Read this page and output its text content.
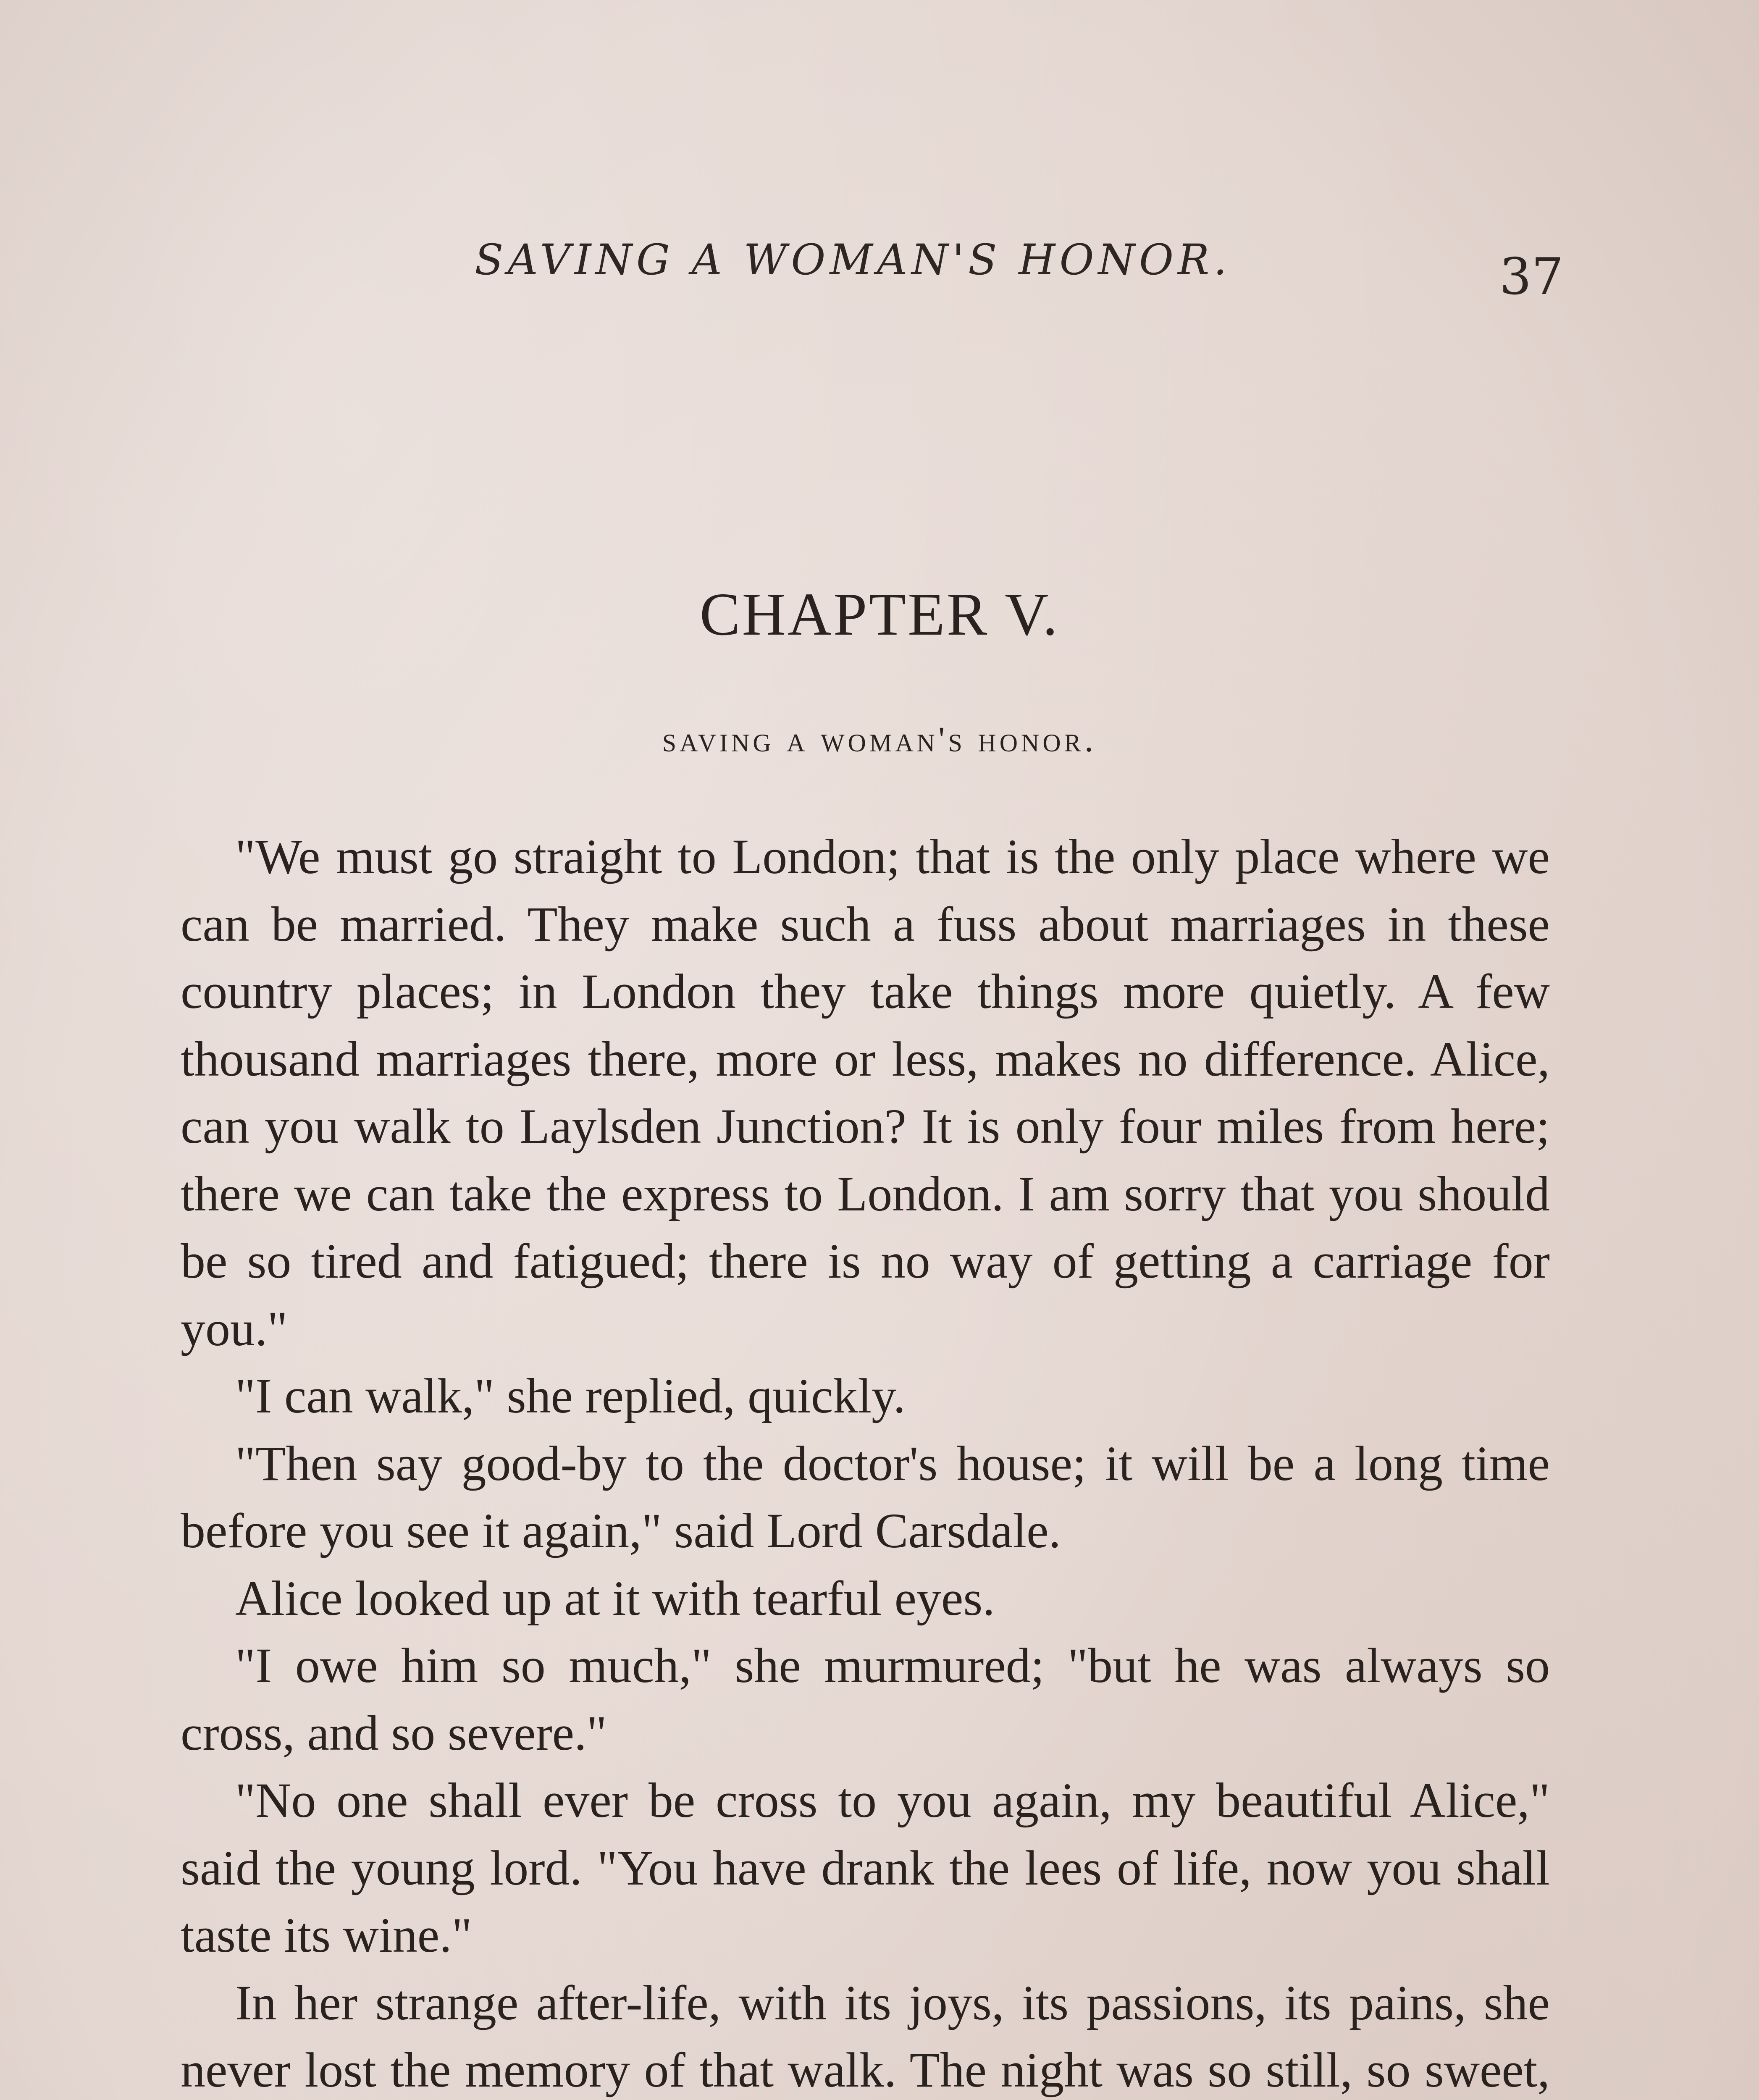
SAVING A WOMAN'S HONOR.	37
CHAPTER V.
saving a woman's honor.

"We must go straight to London; that is the only place where we can be married. They make such a fuss about marriages in these country places; in London they take things more quietly. A few thousand marriages there, more or less, makes no difference. Alice, can you walk to Laylsden Junction? It is only four miles from here; there we can take the express to London. I am sorry that you should be so tired and fatigued; there is no way of getting a carriage for you."

"I can walk," she replied, quickly.

"Then say good-by to the doctor's house; it will be a long time before you see it again," said Lord Carsdale.

Alice looked up at it with tearful eyes.

"I owe him so much," she murmured; "but he was always so cross, and so severe."

"No one shall ever be cross to you again, my beautiful Alice," said the young lord. "You have drank the lees of life, now you shall taste its wine."

In her strange after-life, with its joys, its passions, its pains, she never lost the memory of that walk. The night was so still, so sweet,
